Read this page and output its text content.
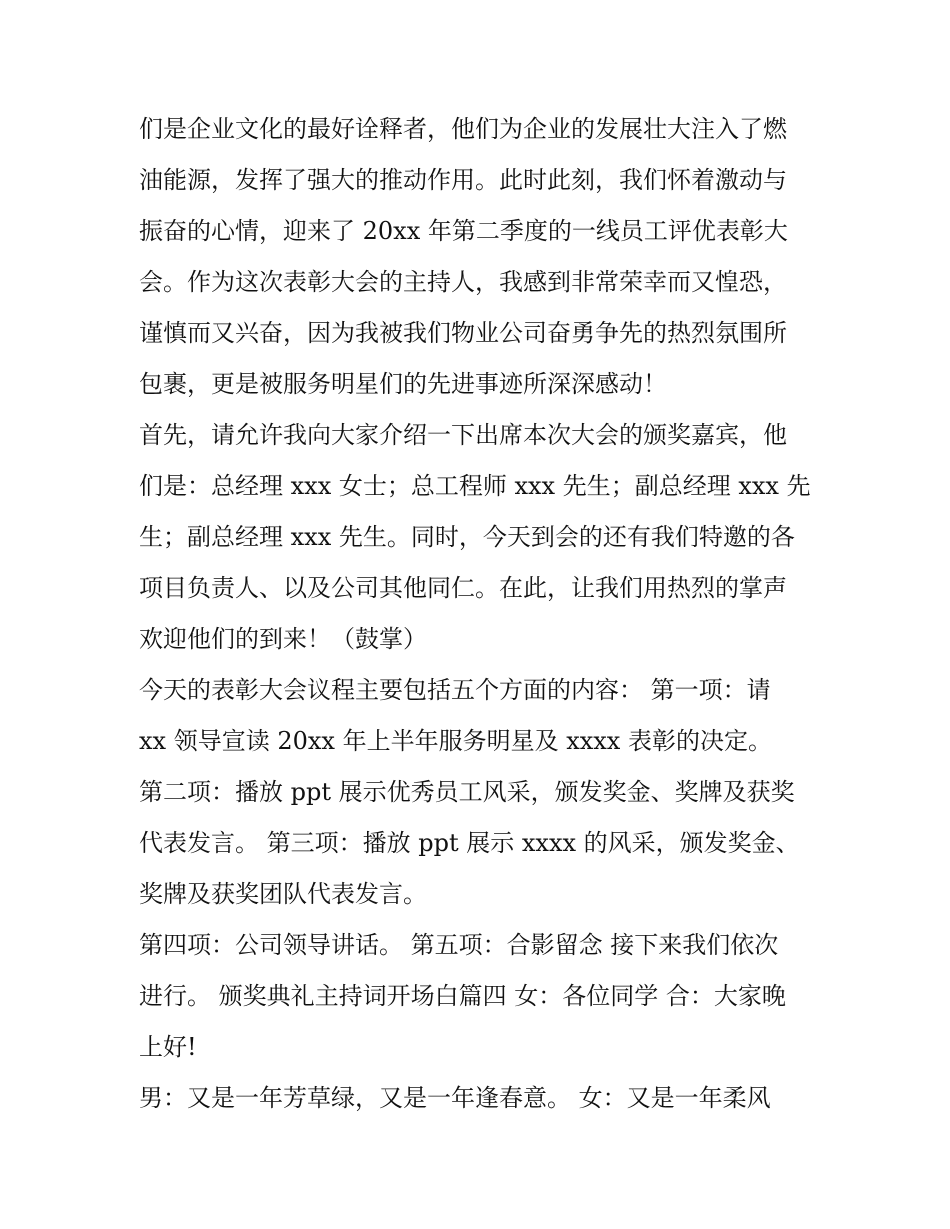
们是企业文化的最好诠释者，他们为企业的发展壮大注入了燃
油能源，发挥了强大的推动作用。此时此刻，我们怀着激动与
振奋的心情，迎来了 20xx 年第二季度的一线员工评优表彰大
会。作为这次表彰大会的主持人，我感到非常荣幸而又惶恐，
谨慎而又兴奋，因为我被我们物业公司奋勇争先的热烈氛围所
包裹，更是被服务明星们的先进事迹所深深感动！
首先，请允许我向大家介绍一下出席本次大会的颁奖嘉宾，他
们是：总经理 xxx 女士；总工程师 xxx 先生；副总经理 xxx 先
生；副总经理 xxx 先生。同时，今天到会的还有我们特邀的各
项目负责人、以及公司其他同仁。在此，让我们用热烈的掌声
欢迎他们的到来！（鼓掌）
今天的表彰大会议程主要包括五个方面的内容： 第一项：请
xx 领导宣读 20xx 年上半年服务明星及 xxxx 表彰的决定。
第二项：播放 ppt 展示优秀员工风采，颁发奖金、奖牌及获奖
代表发言。 第三项：播放 ppt 展示 xxxx 的风采，颁发奖金、
奖牌及获奖团队代表发言。
第四项：公司领导讲话。 第五项：合影留念 接下来我们依次
进行。 颁奖典礼主持词开场白篇四 女：各位同学 合：大家晚
上好!
男：又是一年芳草绿，又是一年逢春意。 女：又是一年柔风
